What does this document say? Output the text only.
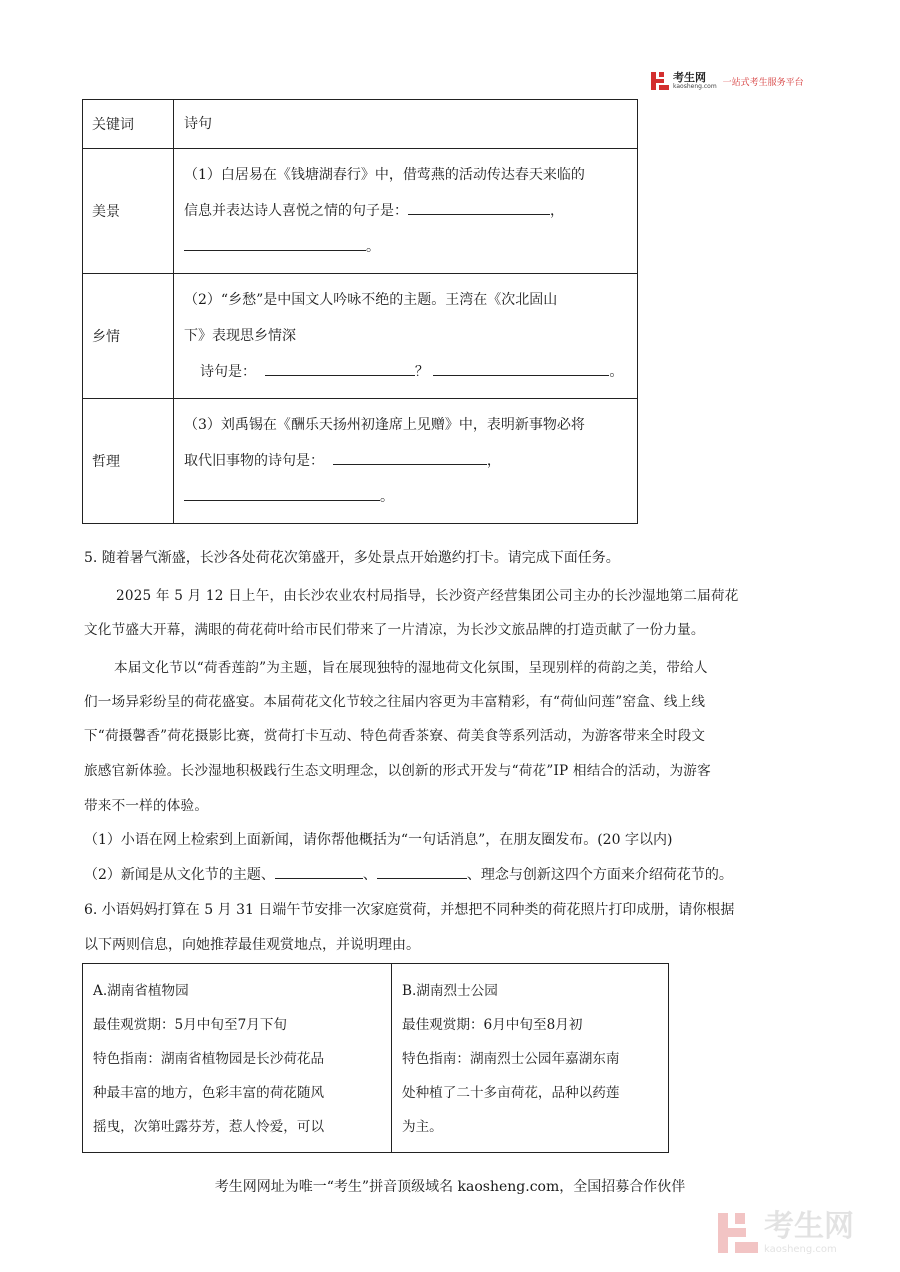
考生网
kaosheng.com 一站式考生服务平台
关键词	诗句
美景	（1）白居易在《钱塘湖春行》中，借莺燕的活动传达春天来临的
信息并表达诗人喜悦之情的句子是： ，
。

乡情	（2）“乡愁”是中国文人吟咏不绝的主题。王湾在《次北固山
下》表现思乡情深
诗句是： ？ 。

哲理	（3）刘禹锡在《酬乐天扬州初逢席上见赠》中，表明新事物必将
取代旧事物的诗句是： ，
。
5. 随着暑气渐盛，长沙各处荷花次第盛开，多处景点开始邀约打卡。请完成下面任务。
2025 年 5 月 12 日上午，由长沙农业农村局指导，长沙资产经营集团公司主办的长沙湿地第二届荷花
文化节盛大开幕，满眼的荷花荷叶给市民们带来了一片清凉，为长沙文旅品牌的打造贡献了一份力量。
本届文化节以“荷香莲韵”为主题，旨在展现独特的湿地荷文化氛围，呈现别样的荷韵之美，带给人
们一场异彩纷呈的荷花盛宴。本届荷花文化节较之往届内容更为丰富精彩，有“荷仙问莲”窑盒、线上线
下“荷摄馨香”荷花摄影比赛，赏荷打卡互动、特色荷香茶寮、荷美食等系列活动，为游客带来全时段文
旅感官新体验。长沙湿地积极践行生态文明理念，以创新的形式开发与“荷花”IP 相结合的活动，为游客
带来不一样的体验。
（1）小语在网上检索到上面新闻，请你帮他概括为“一句话消息”，在朋友圈发布。(20 字以内)
（2）新闻是从文化节的主题、	、	、理念与创新这四个方面来介绍荷花节的。
6. 小语妈妈打算在 5 月 31 日端午节安排一次家庭赏荷，并想把不同种类的荷花照片打印成册，请你根据
以下两则信息，向她推荐最佳观赏地点，并说明理由。
A.湖南省植物园
最佳观赏期：5月中旬至7月下旬
特色指南：湖南省植物园是长沙荷花品
种最丰富的地方，色彩丰富的荷花随风
摇曳，次第吐露芬芳，惹人怜爱，可以

B.湖南烈士公园
最佳观赏期：6月中旬至8月初
特色指南：湖南烈士公园年嘉湖东南
处种植了二十多亩荷花，品种以药莲
为主。
考生网网址为唯一“考生”拼音顶级域名 kaosheng.com，全国招募合作伙伴
考生网
kaosheng.com
